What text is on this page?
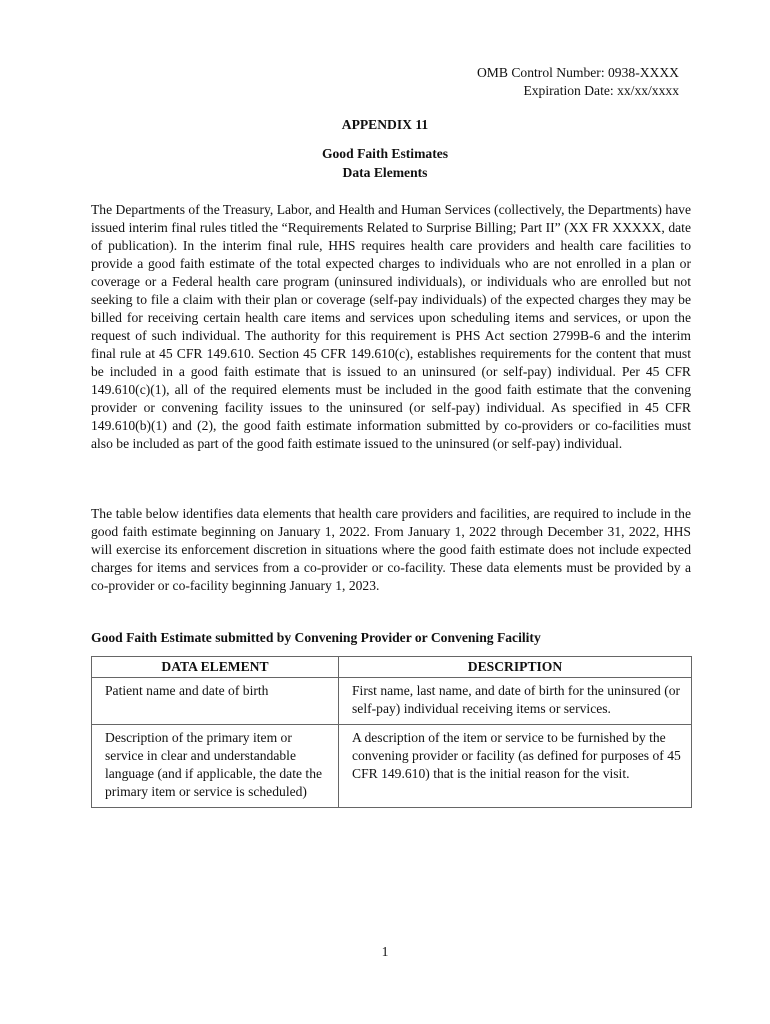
OMB Control Number: 0938-XXXX
Expiration Date: xx/xx/xxxx
APPENDIX 11
Good Faith Estimates
Data Elements
The Departments of the Treasury, Labor, and Health and Human Services (collectively, the Departments) have issued interim final rules titled the “Requirements Related to Surprise Billing; Part II” (XX FR XXXXX, date of publication). In the interim final rule, HHS requires health care providers and health care facilities to provide a good faith estimate of the total expected charges to individuals who are not enrolled in a plan or coverage or a Federal health care program (uninsured individuals), or individuals who are enrolled but not seeking to file a claim with their plan or coverage (self-pay individuals) of the expected charges they may be billed for receiving certain health care items and services upon scheduling items and services, or upon the request of such individual. The authority for this requirement is PHS Act section 2799B-6 and the interim final rule at 45 CFR 149.610. Section 45 CFR 149.610(c), establishes requirements for the content that must be included in a good faith estimate that is issued to an uninsured (or self-pay) individual. Per 45 CFR 149.610(c)(1), all of the required elements must be included in the good faith estimate that the convening provider or convening facility issues to the uninsured (or self-pay) individual. As specified in 45 CFR 149.610(b)(1) and (2), the good faith estimate information submitted by co-providers or co-facilities must also be included as part of the good faith estimate issued to the uninsured (or self-pay) individual.
The table below identifies data elements that health care providers and facilities, are required to include in the good faith estimate beginning on January 1, 2022. From January 1, 2022 through December 31, 2022, HHS will exercise its enforcement discretion in situations where the good faith estimate does not include expected charges for items and services from a co-provider or co-facility. These data elements must be provided by a co-provider or co-facility beginning January 1, 2023.
Good Faith Estimate submitted by Convening Provider or Convening Facility
DATA ELEMENT	DESCRIPTION
Patient name and date of birth	First name, last name, and date of birth for the uninsured (or self-pay) individual receiving items or services.
Description of the primary item or service in clear and understandable language (and if applicable, the date the primary item or service is scheduled)	A description of the item or service to be furnished by the convening provider or facility (as defined for purposes of 45 CFR 149.610) that is the initial reason for the visit.
1
